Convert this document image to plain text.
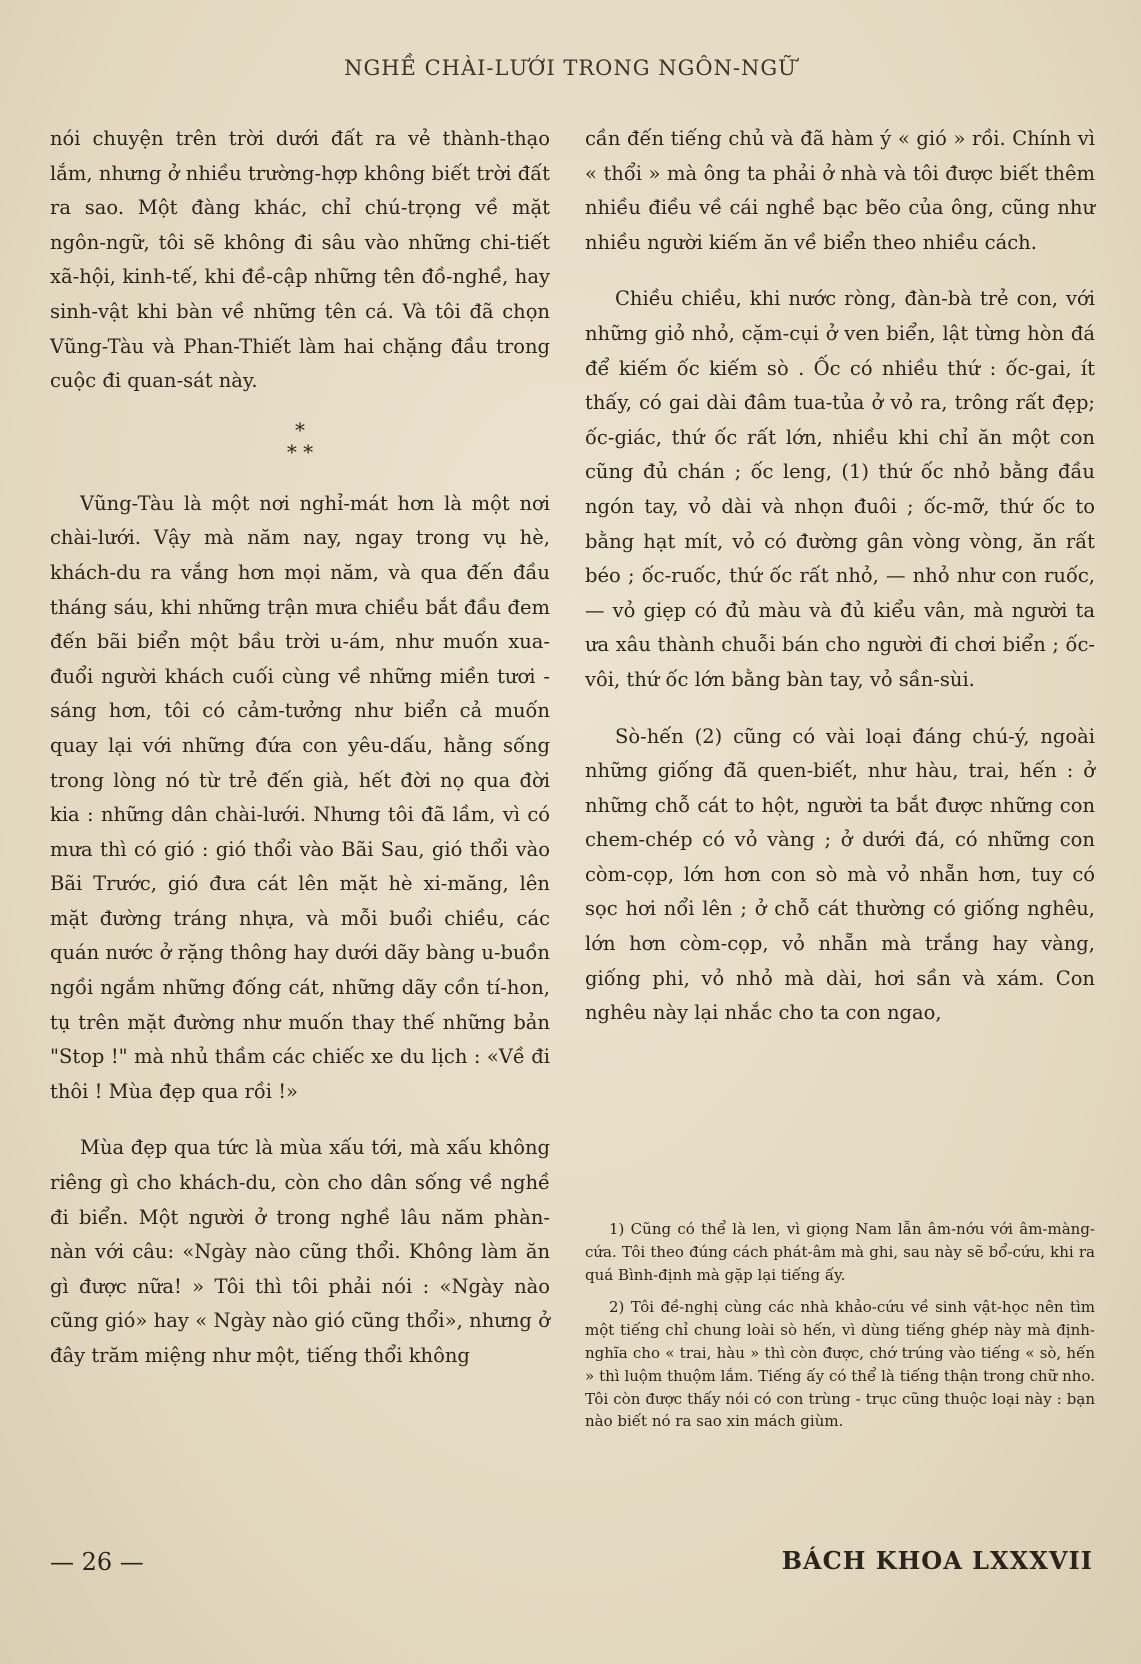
NGHỀ CHÀI-LƯỚI TRONG NGÔN-NGỮ

nói chuyện trên trời dưới đất ra vẻ thành-thạo lắm, nhưng ở nhiều trường-hợp không biết trời đất ra sao. Một đàng khác, chỉ chú-trọng về mặt ngôn-ngữ, tôi sẽ không đi sâu vào những chi-tiết xã-hội, kinh-tế, khi đề-cập những tên đồ-nghề, hay sinh-vật khi bàn về những tên cá. Và tôi đã chọn Vũng-Tàu và Phan-Thiết làm hai chặng đầu trong cuộc đi quan-sát này.

*
* *

Vũng-Tàu là một nơi nghỉ-mát hơn là một nơi chài-lưới. Vậy mà năm nay, ngay trong vụ hè, khách-du ra vắng hơn mọi năm, và qua đến đầu tháng sáu, khi những trận mưa chiều bắt đầu đem đến bãi biển một bầu trời u-ám, như muốn xua-đuổi người khách cuối cùng về những miền tươi - sáng hơn, tôi có cảm-tưởng như biển cả muốn quay lại với những đứa con yêu-dấu, hằng sống trong lòng nó từ trẻ đến già, hết đời nọ qua đời kia : những dân chài-lưới. Nhưng tôi đã lầm, vì có mưa thì có gió : gió thổi vào Bãi Sau, gió thổi vào Bãi Trước, gió đưa cát lên mặt hè xi-măng, lên mặt đường tráng nhựa, và mỗi buổi chiều, các quán nước ở rặng thông hay dưới dãy bàng u-buồn ngồi ngắm những đống cát, những dãy cồn tí-hon, tụ trên mặt đường như muốn thay thế những bản "Stop !" mà nhủ thầm các chiếc xe du lịch : «Về đi thôi ! Mùa đẹp qua rồi !»

Mùa đẹp qua tức là mùa xấu tới, mà xấu không riêng gì cho khách-du, còn cho dân sống về nghề đi biển. Một người ở trong nghề lâu năm phàn-nàn với câu: «Ngày nào cũng thổi. Không làm ăn gì được nữa! » Tôi thì tôi phải nói : «Ngày nào cũng gió» hay « Ngày nào gió cũng thổi», nhưng ở đây trăm miệng như một, tiếng thổi không

cần đến tiếng chủ và đã hàm ý « gió » rồi. Chính vì « thổi » mà ông ta phải ở nhà và tôi được biết thêm nhiều điều về cái nghề bạc bẽo của ông, cũng như nhiều người kiếm ăn về biển theo nhiều cách.

Chiều chiều, khi nước ròng, đàn-bà trẻ con, với những giỏ nhỏ, cặm-cụi ở ven biển, lật từng hòn đá để kiếm ốc kiếm sò . Ốc có nhiều thứ : ốc-gai, ít thấy, có gai dài đâm tua-tủa ở vỏ ra, trông rất đẹp; ốc-giác, thứ ốc rất lớn, nhiều khi chỉ ăn một con cũng đủ chán ; ốc leng, (1) thứ ốc nhỏ bằng đầu ngón tay, vỏ dài và nhọn đuôi ; ốc-mỡ, thứ ốc to bằng hạt mít, vỏ có đường gân vòng vòng, ăn rất béo ; ốc-ruốc, thứ ốc rất nhỏ, — nhỏ như con ruốc, — vỏ giẹp có đủ màu và đủ kiểu vân, mà người ta ưa xâu thành chuỗi bán cho người đi chơi biển ; ốc-vôi, thứ ốc lớn bằng bàn tay, vỏ sần-sùi.

Sò-hến (2) cũng có vài loại đáng chú-ý, ngoài những giống đã quen-biết, như hàu, trai, hến : ở những chỗ cát to hột, người ta bắt được những con chem-chép có vỏ vàng ; ở dưới đá, có những con còm-cọp, lớn hơn con sò mà vỏ nhẵn hơn, tuy có sọc hơi nổi lên ; ở chỗ cát thường có giống nghêu, lớn hơn còm-cọp, vỏ nhẵn mà trắng hay vàng, giống phi, vỏ nhỏ mà dài, hơi sần và xám. Con nghêu này lại nhắc cho ta con ngao,

1) Cũng có thể là len, vì giọng Nam lẫn âm-nớu với âm-màng-cứa. Tôi theo đúng cách phát-âm mà ghi, sau này sẽ bổ-cứu, khi ra quá Bình-định mà gặp lại tiếng ấy.

2) Tôi đề-nghị cùng các nhà khảo-cứu về sinh vật-học nên tìm một tiếng chỉ chung loài sò hến, vì dùng tiếng ghép này mà định-nghĩa cho « trai, hàu » thì còn được, chớ trúng vào tiếng « sò, hến » thì luộm thuộm lắm. Tiếng ấy có thể là tiếng thận trong chữ nho. Tôi còn được thấy nói có con trùng - trục cũng thuộc loại này : bạn nào biết nó ra sao xin mách giùm.

— 26 —	BÁCH KHOA LXXXVII
